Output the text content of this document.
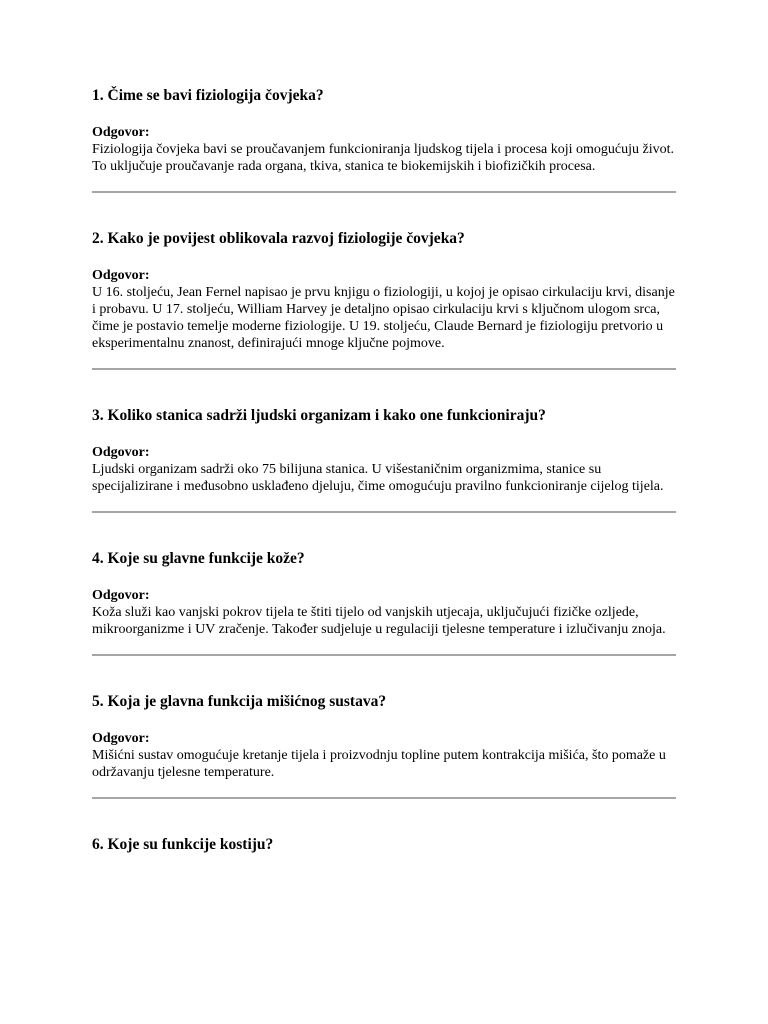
1. Čime se bavi fiziologija čovjeka?

Odgovor:

Fiziologija čovjeka bavi se proučavanjem funkcioniranja ljudskog tijela i procesa koji omogućuju život. To uključuje proučavanje rada organa, tkiva, stanica te biokemijskih i biofizičkih procesa.

2. Kako je povijest oblikovala razvoj fiziologije čovjeka?

Odgovor:

U 16. stoljeću, Jean Fernel napisao je prvu knjigu o fiziologiji, u kojoj je opisao cirkulaciju krvi, disanje i probavu. U 17. stoljeću, William Harvey je detaljno opisao cirkulaciju krvi s ključnom ulogom srca, čime je postavio temelje moderne fiziologije. U 19. stoljeću, Claude Bernard je fiziologiju pretvorio u eksperimentalnu znanost, definirajući mnoge ključne pojmove.

3. Koliko stanica sadrži ljudski organizam i kako one funkcioniraju?

Odgovor:

Ljudski organizam sadrži oko 75 bilijuna stanica. U višestaničnim organizmima, stanice su specijalizirane i međusobno usklađeno djeluju, čime omogućuju pravilno funkcioniranje cijelog tijela.

4. Koje su glavne funkcije kože?

Odgovor:

Koža služi kao vanjski pokrov tijela te štiti tijelo od vanjskih utjecaja, uključujući fizičke ozljede, mikroorganizme i UV zračenje. Također sudjeluje u regulaciji tjelesne temperature i izlučivanju znoja.

5. Koja je glavna funkcija mišićnog sustava?

Odgovor:

Mišićni sustav omogućuje kretanje tijela i proizvodnju topline putem kontrakcija mišića, što pomaže u održavanju tjelesne temperature.

6. Koje su funkcije kostiju?
